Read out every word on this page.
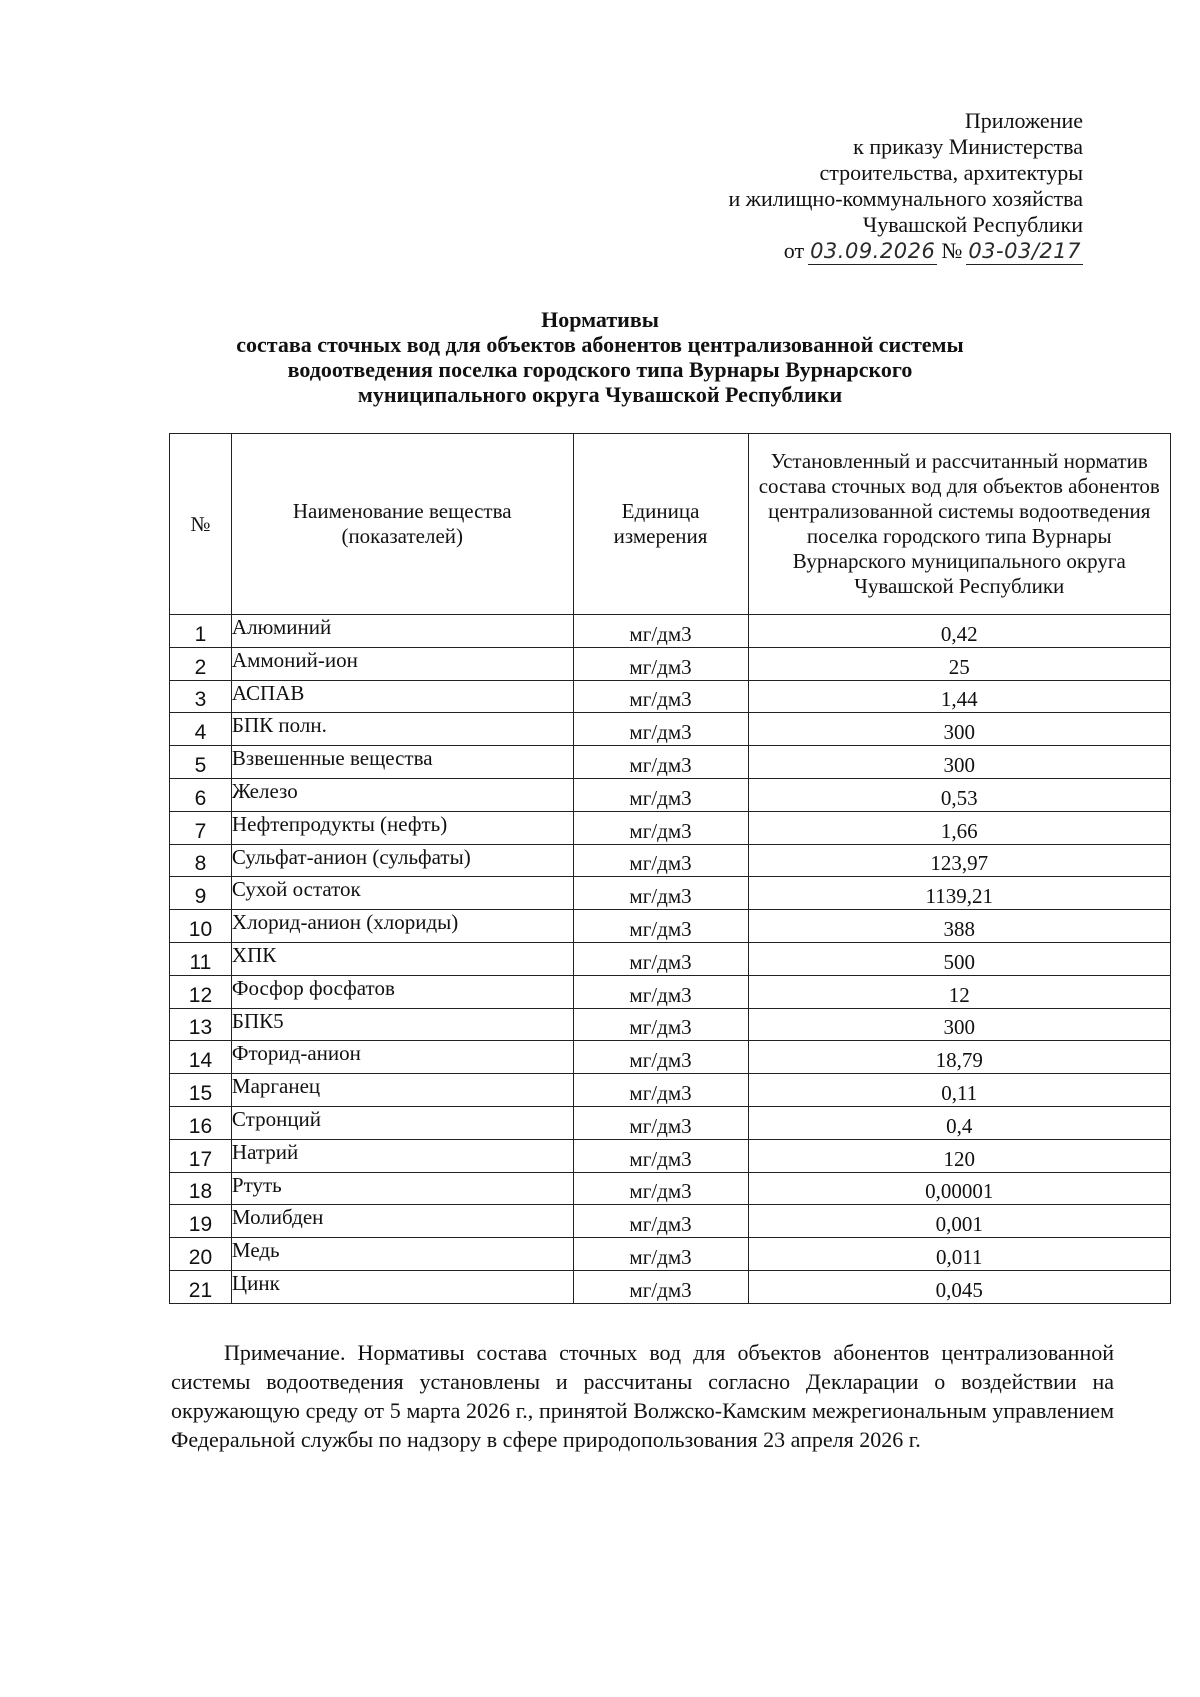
Приложение
к приказу Министерства
строительства, архитектуры
и жилищно-коммунального хозяйства
Чувашской Республики
от 03.09.2026 № 03-03/217
Нормативы
состава сточных вод для объектов абонентов централизованной системы
водоотведения поселка городского типа Вурнары Вурнарского
муниципального округа Чувашской Республики
№	Наименование вещества (показателей)	Единица измерения	Установленный и рассчитанный норматив состава сточных вод для объектов абонентов централизованной системы водоотведения поселка городского типа Вурнары Вурнарского муниципального округа Чувашской Республики

1	Алюминий	мг/дм3	0,42
2	Аммоний-ион	мг/дм3	25
3	АСПАВ	мг/дм3	1,44
4	БПК полн.	мг/дм3	300
5	Взвешенные вещества	мг/дм3	300
6	Железо	мг/дм3	0,53
7	Нефтепродукты (нефть)	мг/дм3	1,66
8	Сульфат-анион (сульфаты)	мг/дм3	123,97
9	Сухой остаток	мг/дм3	1139,21
10	Хлорид-анион (хлориды)	мг/дм3	388
11	ХПК	мг/дм3	500
12	Фосфор фосфатов	мг/дм3	12
13	БПК5	мг/дм3	300
14	Фторид-анион	мг/дм3	18,79
15	Марганец	мг/дм3	0,11
16	Стронций	мг/дм3	0,4
17	Натрий	мг/дм3	120
18	Ртуть	мг/дм3	0,00001
19	Молибден	мг/дм3	0,001
20	Медь	мг/дм3	0,011
21	Цинк	мг/дм3	0,045
Примечание. Нормативы состава сточных вод для объектов абонентов централизованной системы водоотведения установлены и рассчитаны согласно Декларации о воздействии на окружающую среду от 5 марта 2026 г., принятой Волжско-Камским межрегиональным управлением Федеральной службы по надзору в сфере природопользования 23 апреля 2026 г.
